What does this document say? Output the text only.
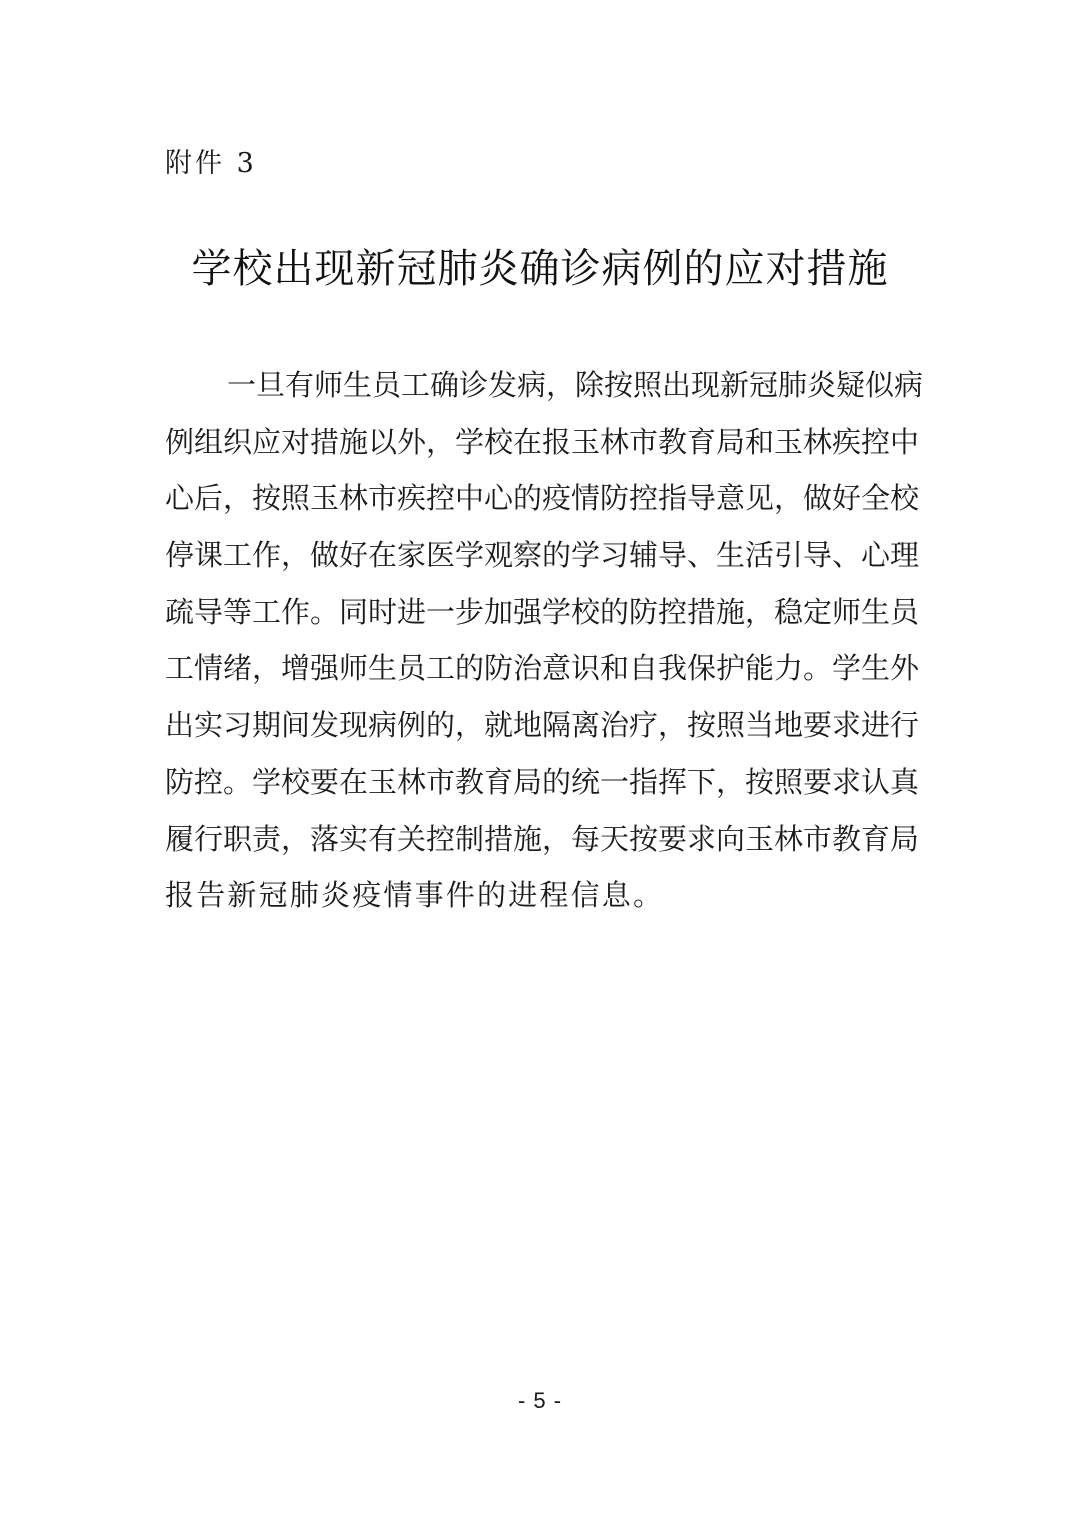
附件 3
学校出现新冠肺炎确诊病例的应对措施
一旦有师生员工确诊发病，除按照出现新冠肺炎疑似病
例组织应对措施以外，学校在报玉林市教育局和玉林疾控中
心后，按照玉林市疾控中心的疫情防控指导意见，做好全校
停课工作，做好在家医学观察的学习辅导、生活引导、心理
疏导等工作。同时进一步加强学校的防控措施，稳定师生员
工情绪，增强师生员工的防治意识和自我保护能力。学生外
出实习期间发现病例的，就地隔离治疗，按照当地要求进行
防控。学校要在玉林市教育局的统一指挥下，按照要求认真
履行职责，落实有关控制措施，每天按要求向玉林市教育局
报告新冠肺炎疫情事件的进程信息。
- 5 -
